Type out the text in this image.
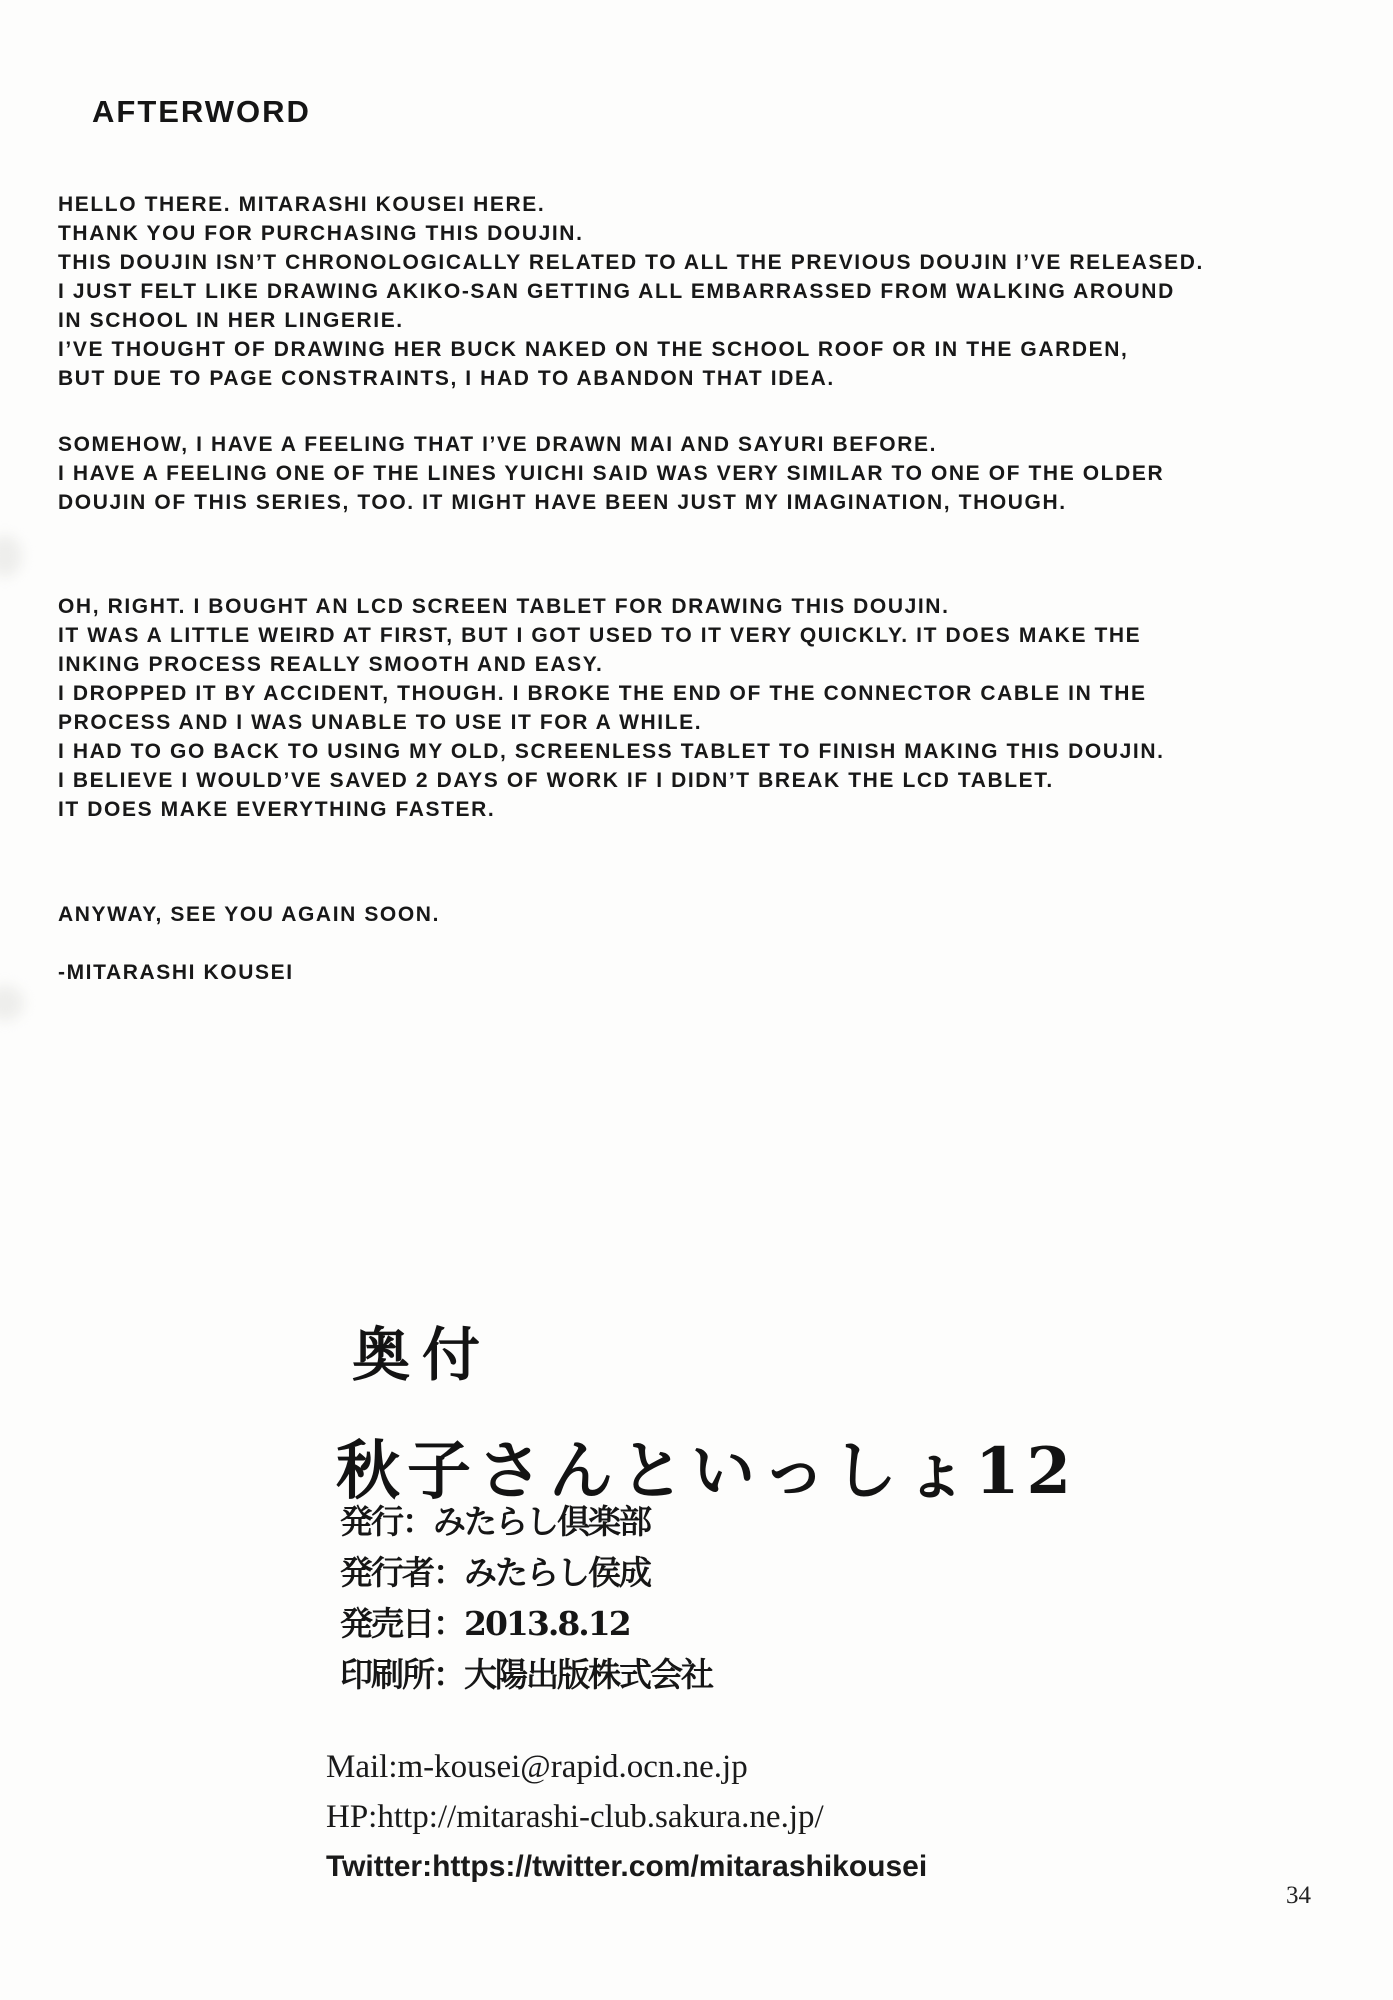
AFTERWORD
HELLO THERE. MITARASHI KOUSEI HERE.
THANK YOU FOR PURCHASING THIS DOUJIN.
THIS DOUJIN ISN’T CHRONOLOGICALLY RELATED TO ALL THE PREVIOUS DOUJIN I’VE RELEASED.
I JUST FELT LIKE DRAWING AKIKO-SAN GETTING ALL EMBARRASSED FROM WALKING AROUND
IN SCHOOL IN HER LINGERIE.
I’VE THOUGHT OF DRAWING HER BUCK NAKED ON THE SCHOOL ROOF OR IN THE GARDEN,
BUT DUE TO PAGE CONSTRAINTS, I HAD TO ABANDON THAT IDEA.
SOMEHOW, I HAVE A FEELING THAT I’VE DRAWN MAI AND SAYURI BEFORE.
I HAVE A FEELING ONE OF THE LINES YUICHI SAID WAS VERY SIMILAR TO ONE OF THE OLDER
DOUJIN OF THIS SERIES, TOO. IT MIGHT HAVE BEEN JUST MY IMAGINATION, THOUGH.
OH, RIGHT. I BOUGHT AN LCD SCREEN TABLET FOR DRAWING THIS DOUJIN.
IT WAS A LITTLE WEIRD AT FIRST, BUT I GOT USED TO IT VERY QUICKLY. IT DOES MAKE THE
INKING PROCESS REALLY SMOOTH AND EASY.
I DROPPED IT BY ACCIDENT, THOUGH. I BROKE THE END OF THE CONNECTOR CABLE IN THE
PROCESS AND I WAS UNABLE TO USE IT FOR A WHILE.
I HAD TO GO BACK TO USING MY OLD, SCREENLESS TABLET TO FINISH MAKING THIS DOUJIN.
I BELIEVE I WOULD’VE SAVED 2 DAYS OF WORK IF I DIDN’T BREAK THE LCD TABLET.
IT DOES MAKE EVERYTHING FASTER.
ANYWAY, SEE YOU AGAIN SOON.
-MITARASHI KOUSEI
奥付
秋子さんといっしょ12
発行：みたらし倶楽部
発行者：みたらし侯成
発売日：2013.8.12
印刷所：大陽出版株式会社
Mail:m-kousei@rapid.ocn.ne.jp
HP:http://mitarashi-club.sakura.ne.jp/
Twitter:https://twitter.com/mitarashikousei
34
